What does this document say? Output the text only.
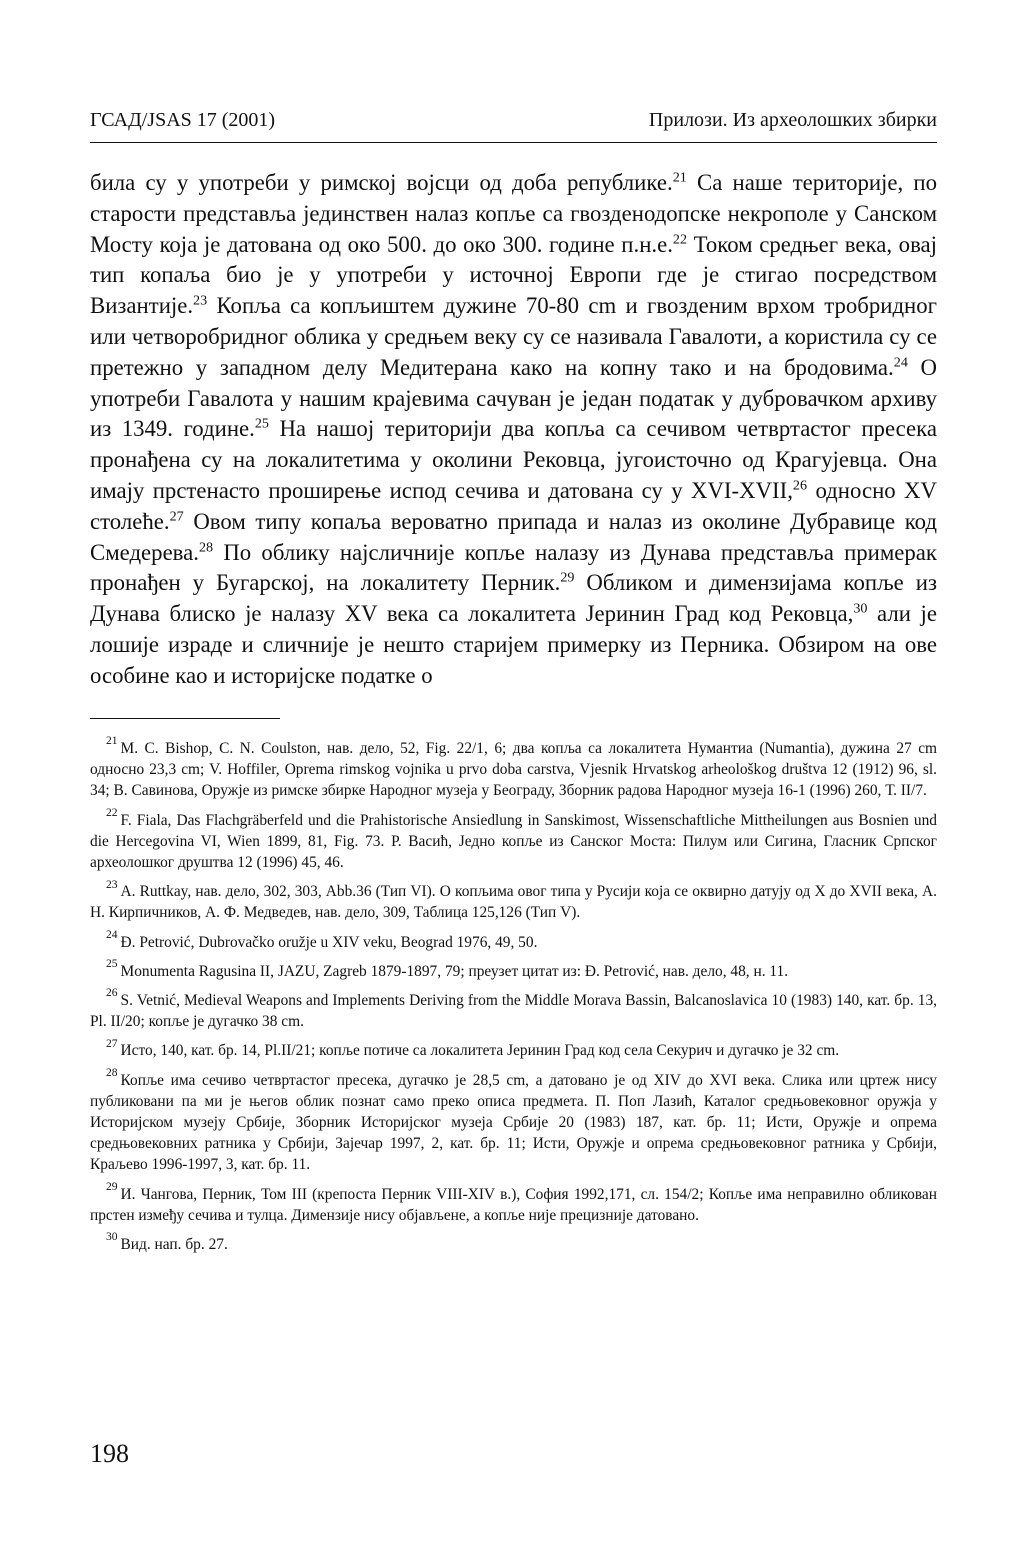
ГСАД/JSAS 17 (2001)	Прилози. Из археолошких збирки

била су у употреби у римској војсци од доба републике.$^{21}$ Са наше територије, по старости представља јединствен налаз копље са гвозденодопске некрополе у Санском Мосту која је датована од око 500. до око 300. године п.н.е.$^{22}$ Током средњег века, овај тип копаља био је у употреби у источној Европи где је стигао посредством Византије.$^{23}$ Копља са копљиштем дужине 70-80 cm и гвозденим врхом тробридног или четворобридног облика у средњем веку су се називала Гавалоти, а користила су се претежно у западном делу Медитерана како на копну тако и на бродовима.$^{24}$ О употреби Гавалота у нашим крајевима сачуван је један податак у дубровачком архиву из 1349. године.$^{25}$ На нашој територији два копља са сечивом четвртастог пресека пронађена су на локалитетима у околини Рековца, југоисточно од Крагујевца. Она имају прстенасто проширење испод сечива и датована су у XVI-XVII,$^{26}$ односно XV столеће.$^{27}$ Овом типу копаља вероватно припада и налаз из околине Дубравице код Смедерева.$^{28}$ По облику најсличније копље налазу из Дунава представља примерак пронађен у Бугарској, на локалитету Перник.$^{29}$ Обликом и димензијама копље из Дунава блиско је налазу XV века са локалитета Јеринин Град код Рековца,$^{30}$ али је лошије израде и сличније је нешто старијем примерку из Перника. Обзиром на ове особине као и историјске податке о

$^{21}$ M. C. Bishop, C. N. Coulston, нав. дело, 52, Fig. 22/1, 6; два копља са локалитета Нумантиа (Numantia), дужина 27 cm односно 23,3 cm; V. Hoffiler, Oprema rimskog vojnika u prvo doba carstva, Vjesnik Hrvatskog arheološkog društva 12 (1912) 96, sl. 34; В. Савинова, Оружје из римске збирке Народног музеја у Београду, Зборник радова Народног музеја 16-1 (1996) 260, Т. II/7.

$^{22}$ F. Fiala, Das Flachgräberfeld und die Prahistorische Ansiedlung in Sanskimost, Wissenschaftliche Mittheilungen aus Bosnien und die Hercegovina VI, Wien 1899, 81, Fig. 73. Р. Васић, Једно копље из Санског Моста: Пилум или Сигина, Гласник Српског археолошког друштва 12 (1996) 45, 46.

$^{23}$ A. Ruttkay, нав. дело, 302, 303, Abb.36 (Тип VI). О копљима овог типа у Русији која се оквирно датују од X до XVII века, А. Н. Кирпичников, А. Ф. Медведев, нав. дело, 309, Таблица 125,126 (Тип V).

$^{24}$ Đ. Petrović, Dubrovačko oružje u XIV veku, Beograd 1976, 49, 50.

$^{25}$ Monumenta Ragusina II, JAZU, Zagreb 1879-1897, 79; преузет цитат из: Đ. Petrović, нав. дело, 48, н. 11.

$^{26}$ S. Vetnić, Medieval Weapons and Implements Deriving from the Middle Morava Bassin, Balcanoslavica 10 (1983) 140, кат. бр. 13, Pl. II/20; копље је дугачко 38 cm.

$^{27}$ Исто, 140, кат. бр. 14, Pl.II/21; копље потиче са локалитета Јеринин Град код села Секурич и дугачко је 32 cm.

$^{28}$ Копље има сечиво четвртастог пресека, дугачко је 28,5 cm, а датовано је од XIV до XVI века. Слика или цртеж нису публиковани па ми је његов облик познат само преко описа предмета. П. Поп Лазић, Каталог средњовековног оружја у Историјском музеју Србије, Зборник Историјског музеја Србије 20 (1983) 187, кат. бр. 11; Исти, Оружје и опрема средњовековних ратника у Србији, Зајечар 1997, 2, кат. бр. 11; Исти, Оружје и опрема средњовековног ратника у Србији, Краљево 1996-1997, 3, кат. бр. 11.

$^{29}$ И. Чангова, Перник, Том III (крепоста Перник VIII-XIV в.), София 1992,171, сл. 154/2; Копље има неправилно обликован прстен између сечива и тулца. Димензије нису објављене, а копље није прецизније датовано.

$^{30}$ Вид. нап. бр. 27.

198
